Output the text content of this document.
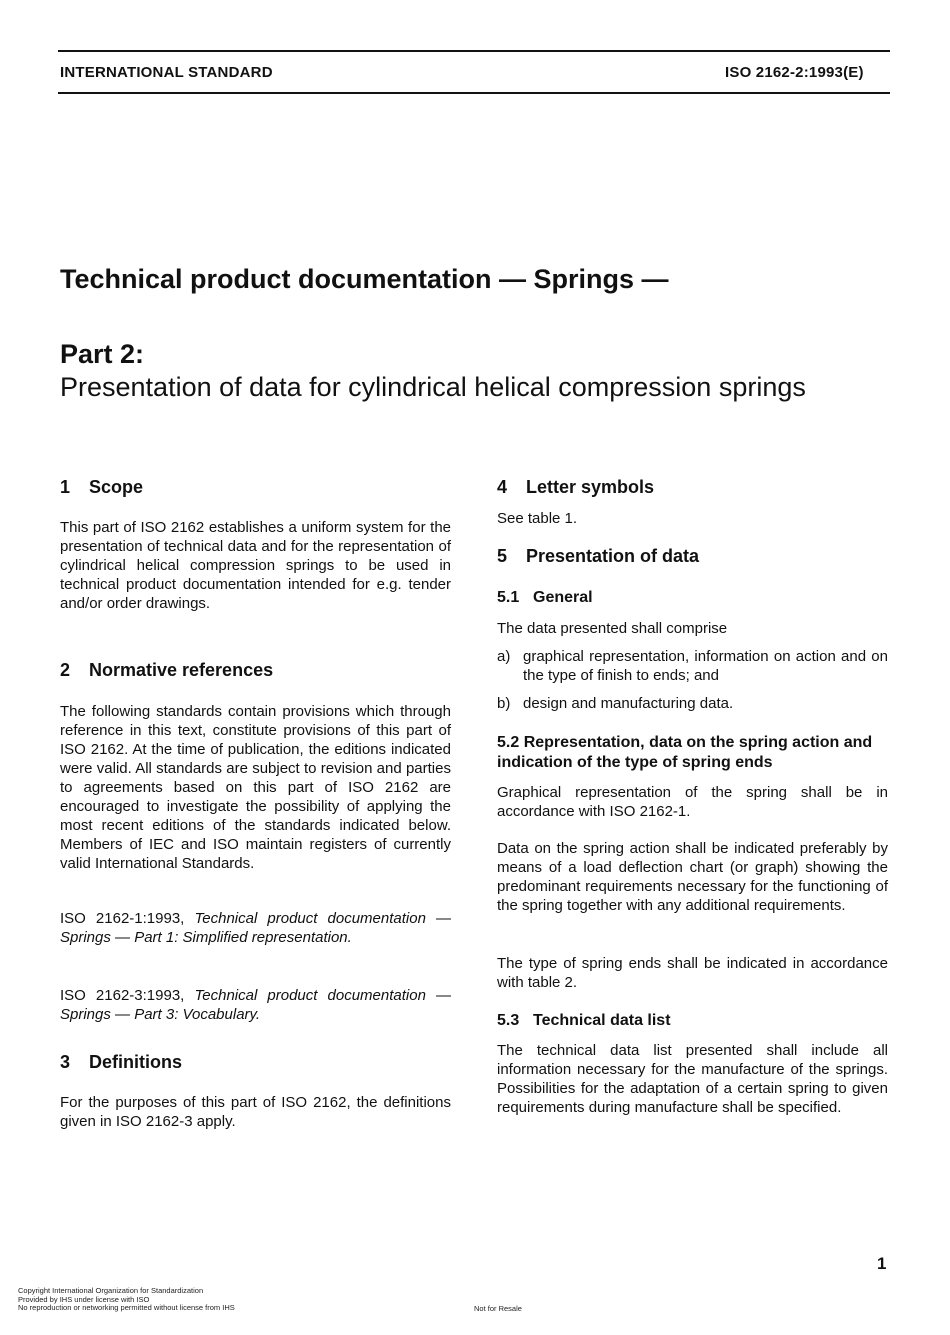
INTERNATIONAL STANDARD	ISO 2162-2:1993(E)
Technical product documentation — Springs —
Part 2:
Presentation of data for cylindrical helical compression springs
1 Scope
This part of ISO 2162 establishes a uniform system for the presentation of technical data and for the representation of cylindrical helical compression springs to be used in technical product documentation intended for e.g. tender and/or order drawings.
2 Normative references
The following standards contain provisions which through reference in this text, constitute provisions of this part of ISO 2162. At the time of publication, the editions indicated were valid. All standards are subject to revision and parties to agreements based on this part of ISO 2162 are encouraged to investigate the possibility of applying the most recent editions of the standards indicated below. Members of IEC and ISO maintain registers of currently valid International Standards.
ISO 2162-1:1993, Technical product documentation — Springs — Part 1: Simplified representation.
ISO 2162-3:1993, Technical product documentation — Springs — Part 3: Vocabulary.
3 Definitions
For the purposes of this part of ISO 2162, the definitions given in ISO 2162-3 apply.
4 Letter symbols
See table 1.
5 Presentation of data
5.1 General
The data presented shall comprise
a) graphical representation, information on action and on the type of finish to ends; and
b) design and manufacturing data.
5.2 Representation, data on the spring action and indication of the type of spring ends
Graphical representation of the spring shall be in accordance with ISO 2162-1.
Data on the spring action shall be indicated preferably by means of a load deflection chart (or graph) showing the predominant requirements necessary for the functioning of the spring together with any additional requirements.
The type of spring ends shall be indicated in accordance with table 2.
5.3 Technical data list
The technical data list presented shall include all information necessary for the manufacture of the springs. Possibilities for the adaptation of a certain spring to given requirements during manufacture shall be specified.
1
Copyright International Organization for Standardization
Provided by IHS under license with ISO
No reproduction or networking permitted without license from IHS	Not for Resale
